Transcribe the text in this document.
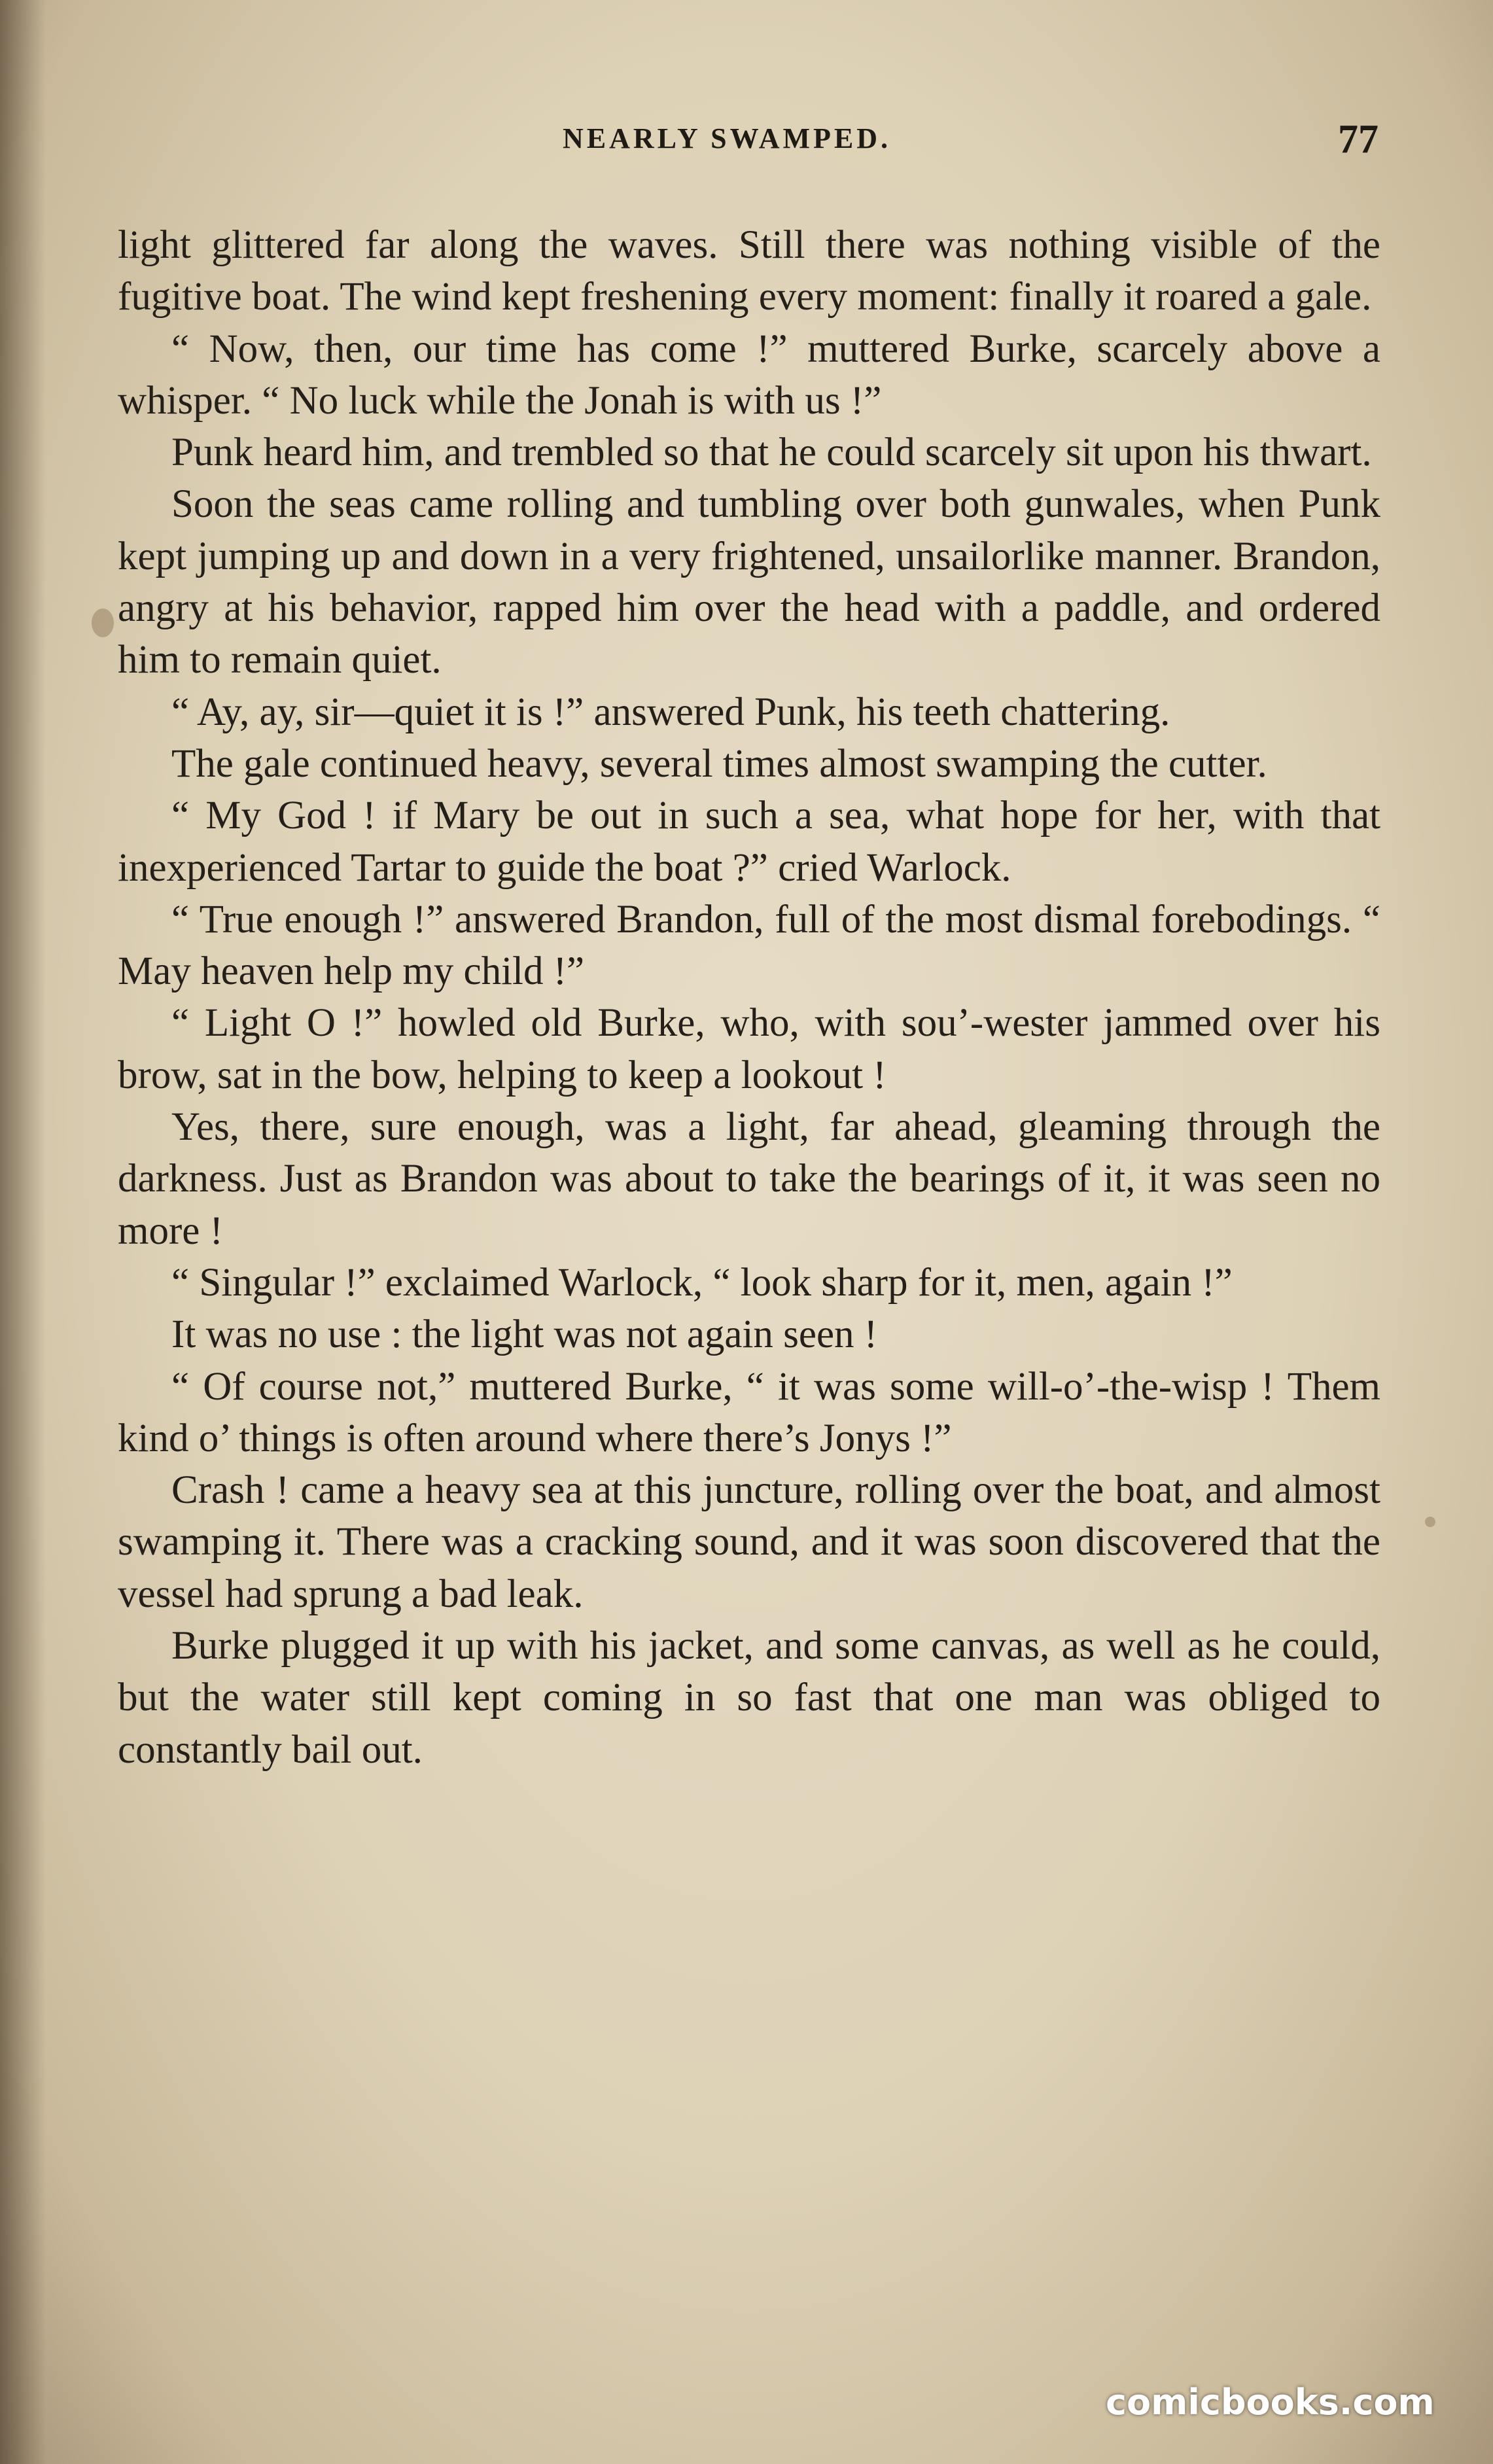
NEARLY SWAMPED.	77

light glittered far along the waves. Still there was nothing visible of the fugitive boat. The wind kept freshening every moment: finally it roared a gale.

“ Now, then, our time has come !” muttered Burke, scarcely above a whisper. “ No luck while the Jonah is with us !”

Punk heard him, and trembled so that he could scarcely sit upon his thwart.

Soon the seas came rolling and tumbling over both gunwales, when Punk kept jumping up and down in a very frightened, unsailorlike manner. Brandon, angry at his behavior, rapped him over the head with a paddle, and ordered him to remain quiet.

“ Ay, ay, sir—quiet it is !” answered Punk, his teeth chattering.

The gale continued heavy, several times almost swamping the cutter.

“ My God ! if Mary be out in such a sea, what hope for her, with that inexperienced Tartar to guide the boat ?” cried Warlock.

“ True enough !” answered Brandon, full of the most dismal forebodings. “ May heaven help my child !”

“ Light O !” howled old Burke, who, with sou’-wester jammed over his brow, sat in the bow, helping to keep a lookout !

Yes, there, sure enough, was a light, far ahead, gleaming through the darkness. Just as Brandon was about to take the bearings of it, it was seen no more !

“ Singular !” exclaimed Warlock, “ look sharp for it, men, again !”

It was no use : the light was not again seen !

“ Of course not,” muttered Burke, “ it was some will-o’-the-wisp ! Them kind o’ things is often around where there’s Jonys !”

Crash ! came a heavy sea at this juncture, rolling over the boat, and almost swamping it. There was a cracking sound, and it was soon discovered that the vessel had sprung a bad leak.

Burke plugged it up with his jacket, and some canvas, as well as he could, but the water still kept coming in so fast that one man was obliged to constantly bail out.

comicbooks.com
